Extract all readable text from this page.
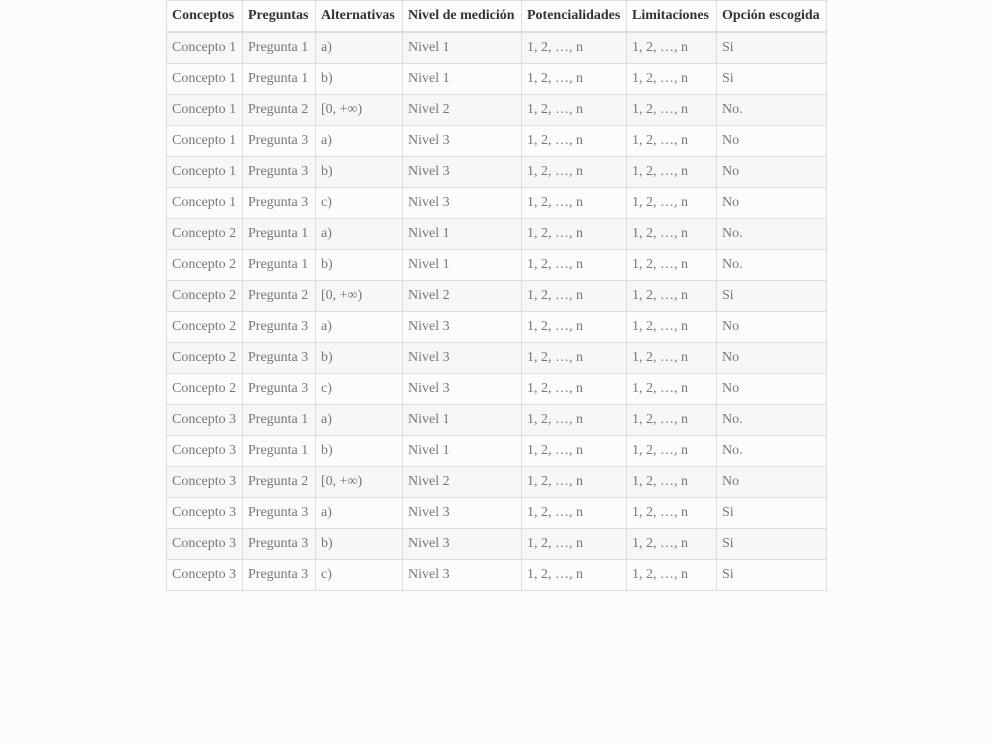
Conceptos	Preguntas	Alternativas	Nivel de medición	Potencialidades	Limitaciones	Opción escogida
Concepto 1	Pregunta 1	a)	Nivel 1	1, 2, …, n	1, 2, …, n	Si
Concepto 1	Pregunta 1	b)	Nivel 1	1, 2, …, n	1, 2, …, n	Si
Concepto 1	Pregunta 2	[0, +∞)	Nivel 2	1, 2, …, n	1, 2, …, n	No.
Concepto 1	Pregunta 3	a)	Nivel 3	1, 2, …, n	1, 2, …, n	No
Concepto 1	Pregunta 3	b)	Nivel 3	1, 2, …, n	1, 2, …, n	No
Concepto 1	Pregunta 3	c)	Nivel 3	1, 2, …, n	1, 2, …, n	No
Concepto 2	Pregunta 1	a)	Nivel 1	1, 2, …, n	1, 2, …, n	No.
Concepto 2	Pregunta 1	b)	Nivel 1	1, 2, …, n	1, 2, …, n	No.
Concepto 2	Pregunta 2	[0, +∞)	Nivel 2	1, 2, …, n	1, 2, …, n	Si
Concepto 2	Pregunta 3	a)	Nivel 3	1, 2, …, n	1, 2, …, n	No
Concepto 2	Pregunta 3	b)	Nivel 3	1, 2, …, n	1, 2, …, n	No
Concepto 2	Pregunta 3	c)	Nivel 3	1, 2, …, n	1, 2, …, n	No
Concepto 3	Pregunta 1	a)	Nivel 1	1, 2, …, n	1, 2, …, n	No.
Concepto 3	Pregunta 1	b)	Nivel 1	1, 2, …, n	1, 2, …, n	No.
Concepto 3	Pregunta 2	[0, +∞)	Nivel 2	1, 2, …, n	1, 2, …, n	No
Concepto 3	Pregunta 3	a)	Nivel 3	1, 2, …, n	1, 2, …, n	Si
Concepto 3	Pregunta 3	b)	Nivel 3	1, 2, …, n	1, 2, …, n	Si
Concepto 3	Pregunta 3	c)	Nivel 3	1, 2, …, n	1, 2, …, n	Si
